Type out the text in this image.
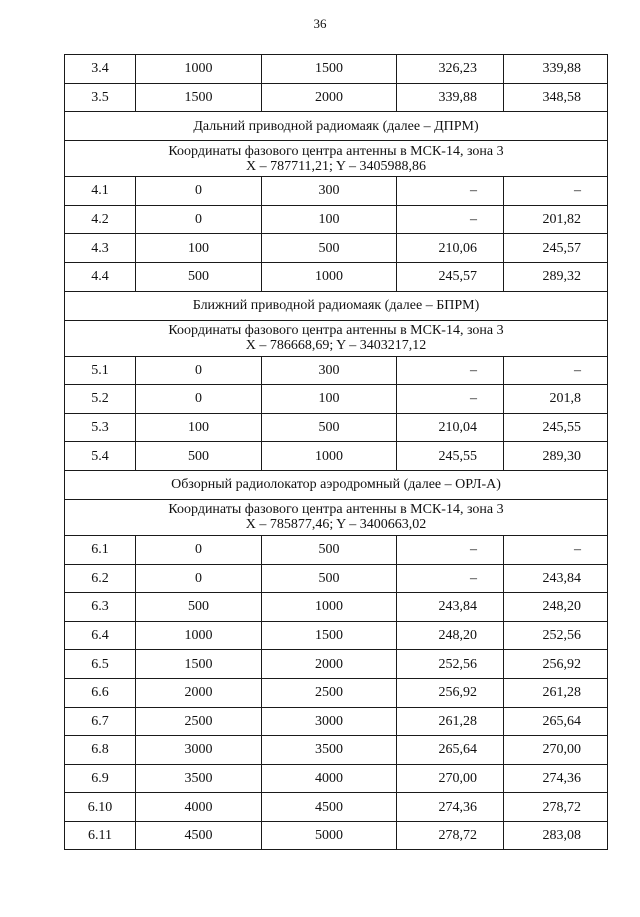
36
3.4	1000	1500	326,23	339,88
3.5	1500	2000	339,88	348,58
Дальний приводной радиомаяк (далее – ДПРМ)				

Координаты фазового центра антенны в МСК-14, зона 3
X – 787711,21; Y – 3405988,86				

4.1	0	300	–	–
4.2	0	100	–	201,82
4.3	100	500	210,06	245,57
4.4	500	1000	245,57	289,32
Ближний приводной радиомаяк (далее – БПРМ)				

Координаты фазового центра антенны в МСК-14, зона 3
X – 786668,69; Y – 3403217,12				

5.1	0	300	–	–
5.2	0	100	–	201,8
5.3	100	500	210,04	245,55
5.4	500	1000	245,55	289,30
Обзорный радиолокатор аэродромный (далее – ОРЛ-А)				

Координаты фазового центра антенны в МСК-14, зона 3
X – 785877,46; Y – 3400663,02				

6.1	0	500	–	–
6.2	0	500	–	243,84
6.3	500	1000	243,84	248,20
6.4	1000	1500	248,20	252,56
6.5	1500	2000	252,56	256,92
6.6	2000	2500	256,92	261,28
6.7	2500	3000	261,28	265,64
6.8	3000	3500	265,64	270,00
6.9	3500	4000	270,00	274,36
6.10	4000	4500	274,36	278,72
6.11	4500	5000	278,72	283,08
